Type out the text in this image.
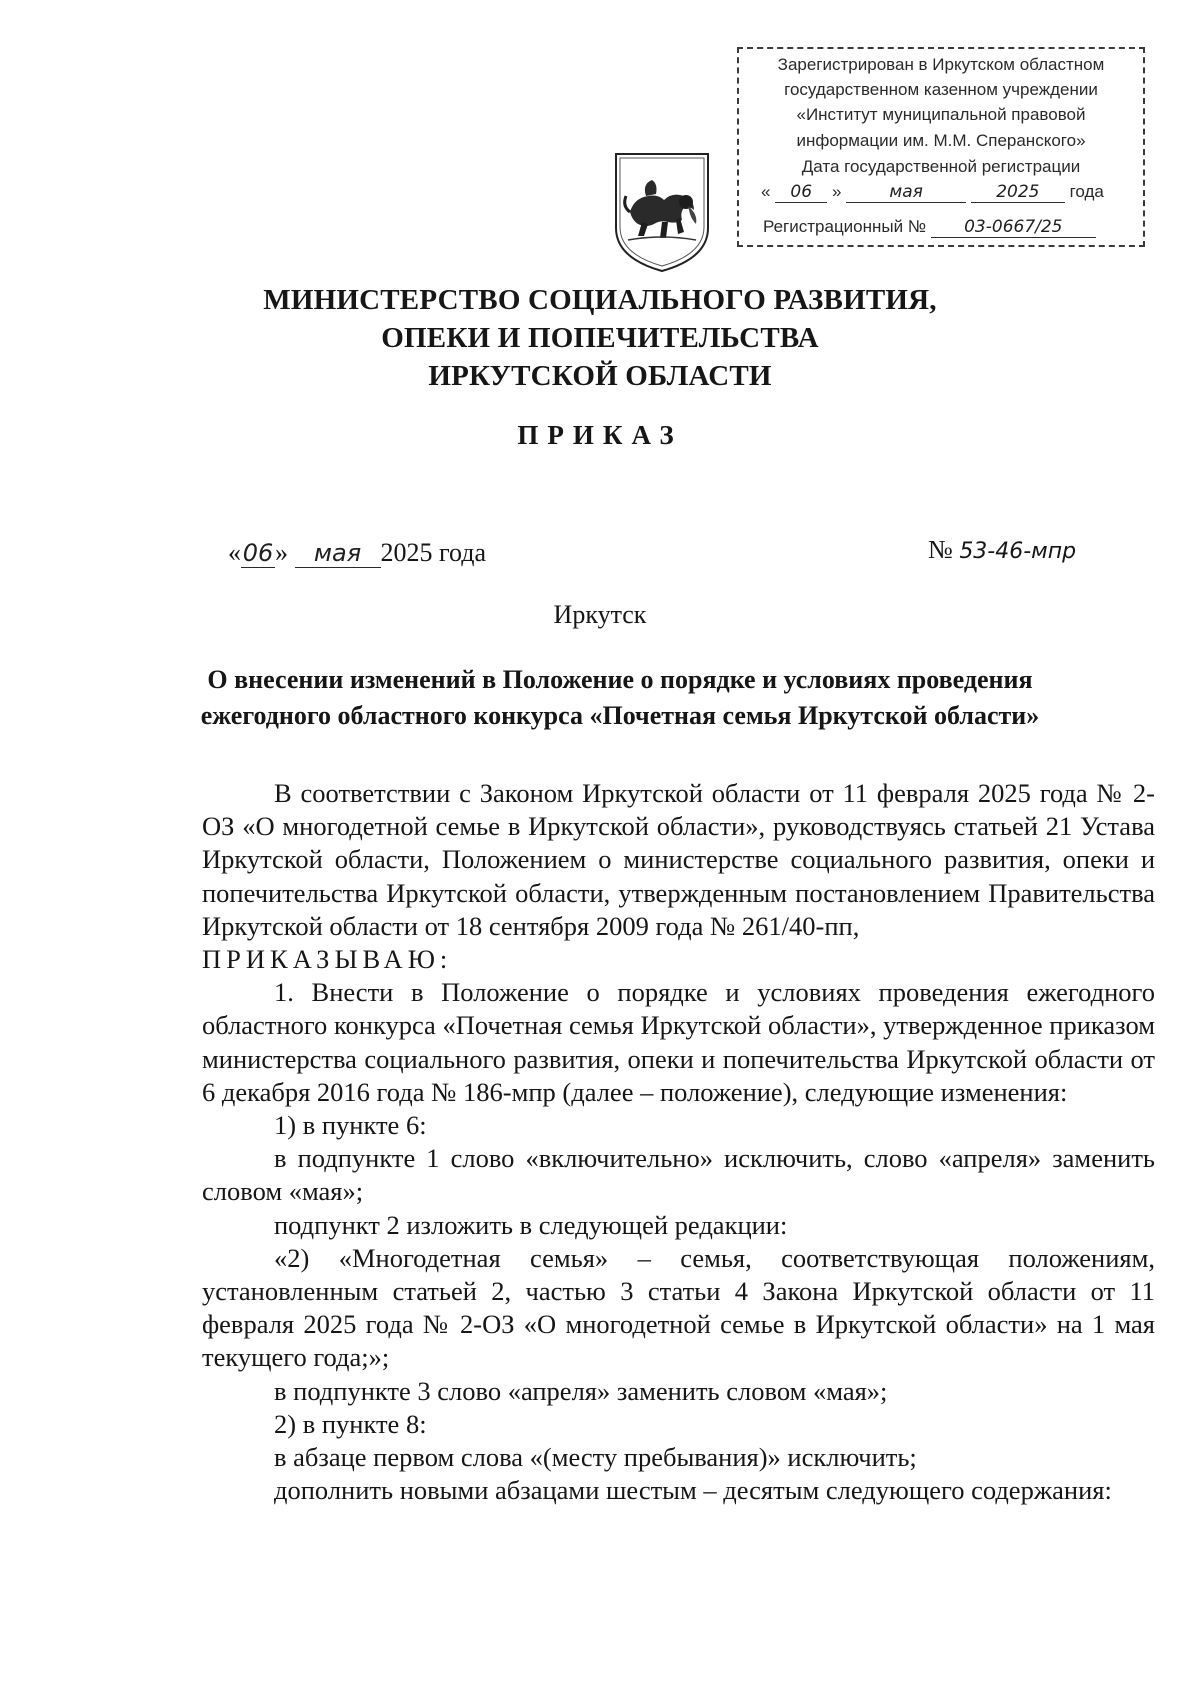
Зарегистрирован в Иркутском областном
государственном казенном учреждении
«Институт муниципальной правовой
информации им. М.М. Сперанского»
Дата государственной регистрации
« 06 »	мая	2025 года
Регистрационный № 03-0667/25
МИНИСТЕРСТВО СОЦИАЛЬНОГО РАЗВИТИЯ,
ОПЕКИ И ПОПЕЧИТЕЛЬСТВА
ИРКУТСКОЙ ОБЛАСТИ
ПРИКАЗ
«06» мая 2025 года	№ 53-46-мпр
Иркутск
О внесении изменений в Положение о порядке и условиях проведения
ежегодного областного конкурса «Почетная семья Иркутской области»

В соответствии с Законом Иркутской области от 11 февраля 2025 года № 2-ОЗ «О многодетной семье в Иркутской области», руководствуясь статьей 21 Устава Иркутской области, Положением о министерстве социального развития, опеки и попечительства Иркутской области, утвержденным постановлением Правительства Иркутской области от 18 сентября 2009 года № 261/40-пп,

ПРИКАЗЫВАЮ:

1. Внести в Положение о порядке и условиях проведения ежегодного областного конкурса «Почетная семья Иркутской области», утвержденное приказом министерства социального развития, опеки и попечительства Иркутской области от 6 декабря 2016 года № 186-мпр (далее – положение), следующие изменения:

1) в пункте 6:

в подпункте 1 слово «включительно» исключить, слово «апреля» заменить словом «мая»;

подпункт 2 изложить в следующей редакции:

«2) «Многодетная семья» – семья, соответствующая положениям, установленным статьей 2, частью 3 статьи 4 Закона Иркутской области от 11 февраля 2025 года № 2-ОЗ «О многодетной семье в Иркутской области» на 1 мая текущего года;»;

в подпункте 3 слово «апреля» заменить словом «мая»;

2) в пункте 8:

в абзаце первом слова «(месту пребывания)» исключить;

дополнить новыми абзацами шестым – десятым следующего содержания:
